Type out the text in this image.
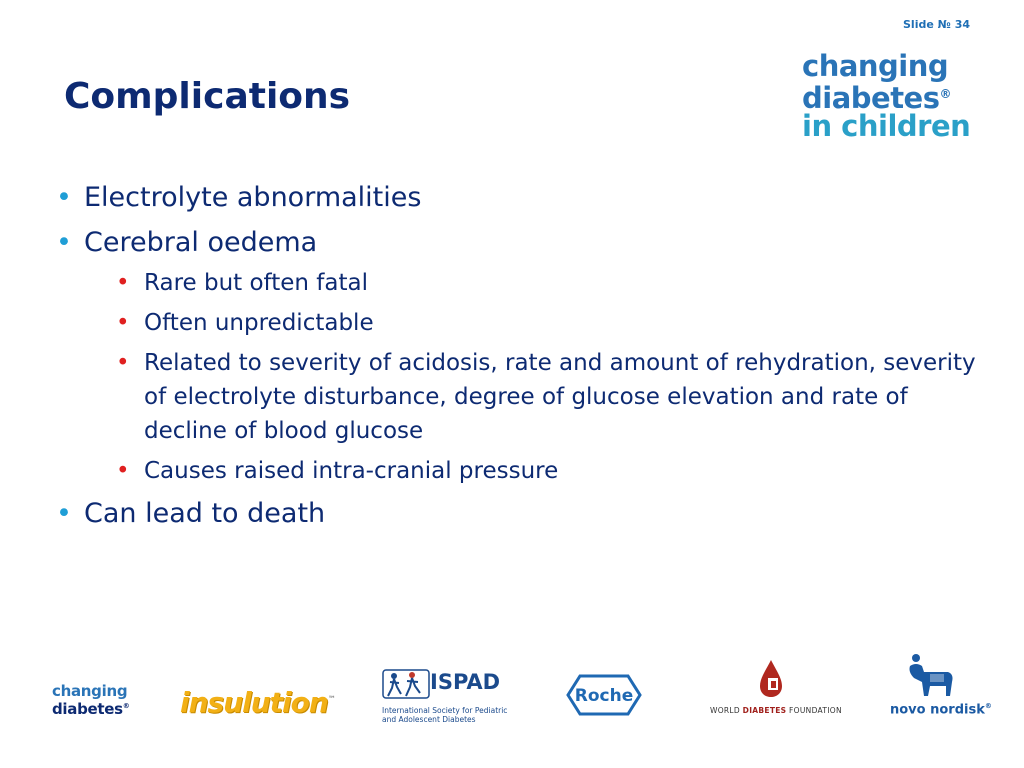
Slide № 34
Complications
changing
diabetes®
in children
• Electrolyte abnormalities
• Cerebral oedema
• Rare but often fatal
• Often unpredictable
• Related to severity of acidosis, rate and amount of rehydration, severity of electrolyte disturbance, degree of glucose elevation and rate of decline of blood glucose
• Causes raised intra-cranial pressure
• Can lead to death
changing
diabetes® insulution™
ISPAD
International Society for Pediatric
and Adolescent Diabetes
Roche
WORLD DIABETES FOUNDATION	novo nordisk®
